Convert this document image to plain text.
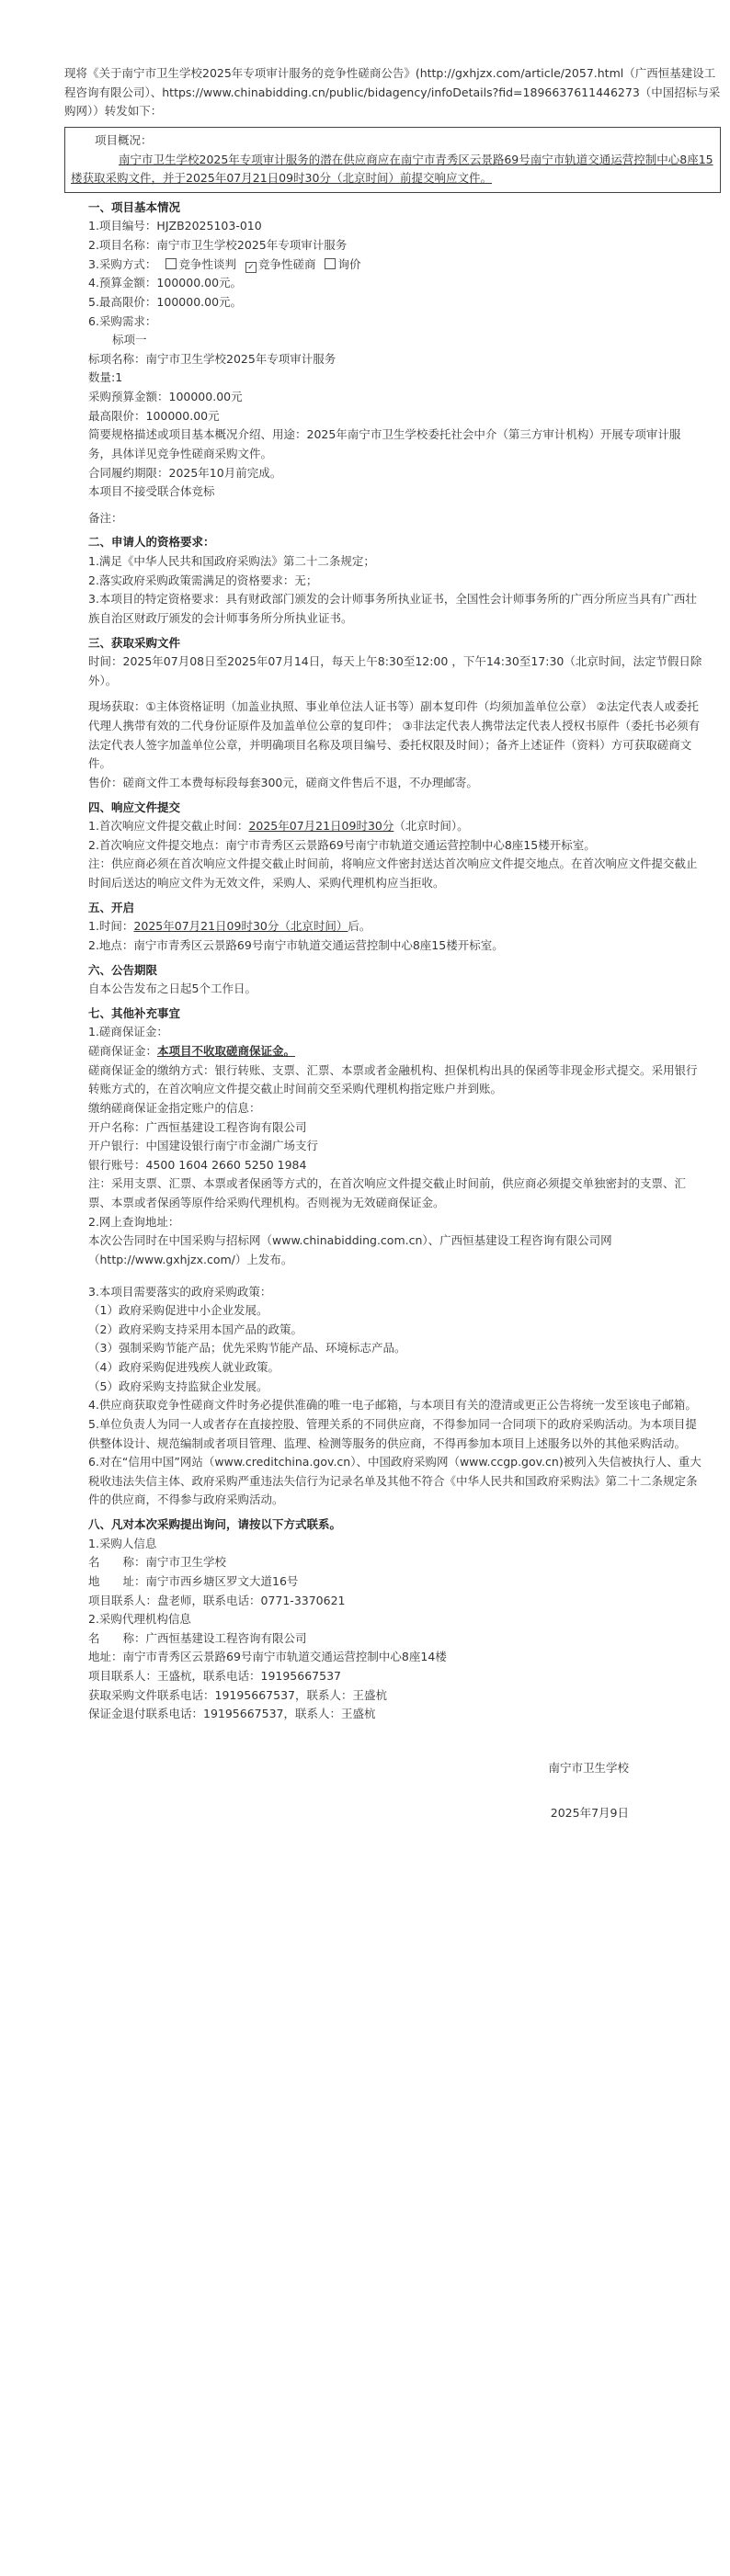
现将《关于南宁市卫生学校2025年专项审计服务的竞争性磋商公告》(http://gxhjzx.com/article/2057.html（广西恒基建设工程咨询有限公司）、https://www.chinabidding.cn/public/bidagency/infoDetails?fid=1896637611446273（中国招标与采购网））转发如下：

项目概况：

南宁市卫生学校2025年专项审计服务的潜在供应商应在南宁市青秀区云景路69号南宁市轨道交通运营控制中心8座15楼获取采购文件，并于2025年07月21日09时30分（北京时间）前提交响应文件。

一、项目基本情况

1.项目编号：HJZB2025103-010

2.项目名称：南宁市卫生学校2025年专项审计服务

3.采购方式： 竞争性谈判 ✓ 竞争性磋商 询价

4.预算金额：100000.00元。

5.最高限价：100000.00元。

6.采购需求：

标项一

标项名称：南宁市卫生学校2025年专项审计服务

数量:1

采购预算金额：100000.00元

最高限价：100000.00元

简要规格描述或项目基本概况介绍、用途：2025年南宁市卫生学校委托社会中介（第三方审计机构）开展专项审计服务，具体详见竞争性磋商采购文件。

合同履约期限：2025年10月前完成。

本项目不接受联合体竞标

备注：

二、申请人的资格要求：

1.满足《中华人民共和国政府采购法》第二十二条规定；

2.落实政府采购政策需满足的资格要求：无；

3.本项目的特定资格要求：具有财政部门颁发的会计师事务所执业证书，全国性会计师事务所的广西分所应当具有广西壮族自治区财政厅颁发的会计师事务所分所执业证书。

三、获取采购文件

时间：2025年07月08日至2025年07月14日，每天上午8:30至12:00 ，下午14:30至17:30（北京时间，法定节假日除外）。

現场获取：①主体资格证明（加盖业执照、事业单位法人证书等）副本复印件（均须加盖单位公章） ②法定代表人或委托代理人携带有效的二代身份证原件及加盖单位公章的复印件； ③非法定代表人携带法定代表人授权书原件（委托书必须有法定代表人签字加盖单位公章，并明确项目名称及项目编号、委托权限及时间）；备齐上述证件（资料）方可获取磋商文件。

售价：磋商文件工本费每标段每套300元，磋商文件售后不退，不办理邮寄。

四、响应文件提交

1.首次响应文件提交截止时间：2025年07月21日09时30分（北京时间）。

2.首次响应文件提交地点：南宁市青秀区云景路69号南宁市轨道交通运营控制中心8座15楼开标室。

注：供应商必须在首次响应文件提交截止时间前，将响应文件密封送达首次响应文件提交地点。在首次响应文件提交截止时间后送达的响应文件为无效文件，采购人、采购代理机构应当拒收。

五、开启

1.时间：2025年07月21日09时30分（北京时间）后。

2.地点：南宁市青秀区云景路69号南宁市轨道交通运营控制中心8座15楼开标室。

六、公告期限

自本公告发布之日起5个工作日。

七、其他补充事宜

1.磋商保证金：

磋商保证金：本项目不收取磋商保证金。

磋商保证金的缴纳方式：银行转账、支票、汇票、本票或者金融机构、担保机构出具的保函等非现金形式提交。采用银行转账方式的，在首次响应文件提交截止时间前交至采购代理机构指定账户并到账。

缴纳磋商保证金指定账户的信息：

开户名称：广西恒基建设工程咨询有限公司

开户银行：中国建设银行南宁市金湖广场支行

银行账号：4500 1604 2660 5250 1984

注：采用支票、汇票、本票或者保函等方式的，在首次响应文件提交截止时间前，供应商必须提交单独密封的支票、汇票、本票或者保函等原件给采购代理机构。否则视为无效磋商保证金。

2.网上查询地址：

本次公告同时在中国采购与招标网（www.chinabidding.com.cn）、广西恒基建设工程咨询有限公司网（http://www.gxhjzx.com/）上发布。

3.本项目需要落实的政府采购政策：

（1）政府采购促进中小企业发展。

（2）政府采购支持采用本国产品的政策。

（3）强制采购节能产品；优先采购节能产品、环境标志产品。

（4）政府采购促进残疾人就业政策。

（5）政府采购支持监狱企业发展。

4.供应商获取竞争性磋商文件时务必提供准确的唯一电子邮箱，与本项目有关的澄清或更正公告将统一发至该电子邮箱。

5.单位负责人为同一人或者存在直接控股、管理关系的不同供应商，不得参加同一合同项下的政府采购活动。为本项目提供整体设计、规范编制或者项目管理、监理、检测等服务的供应商，不得再参加本项目上述服务以外的其他采购活动。

6.对在“信用中国”网站（www.creditchina.gov.cn）、中国政府采购网（www.ccgp.gov.cn)被列入失信被执行人、重大税收违法失信主体、政府采购严重违法失信行为记录名单及其他不符合《中华人民共和国政府采购法》第二十二条规定条件的供应商，不得参与政府采购活动。

八、凡对本次采购提出询问，请按以下方式联系。

1.采购人信息

名　　称：南宁市卫生学校

地　　址：南宁市西乡塘区罗文大道16号

项目联系人：盘老师，联系电话：0771-3370621

2.采购代理机构信息

名　　称：广西恒基建设工程咨询有限公司

地址：南宁市青秀区云景路69号南宁市轨道交通运营控制中心8座14楼

项目联系人：王盛杭，联系电话：19195667537

获取采购文件联系电话：19195667537，联系人：王盛杭

保证金退付联系电话：19195667537，联系人：王盛杭

南宁市卫生学校

2025年7月9日
